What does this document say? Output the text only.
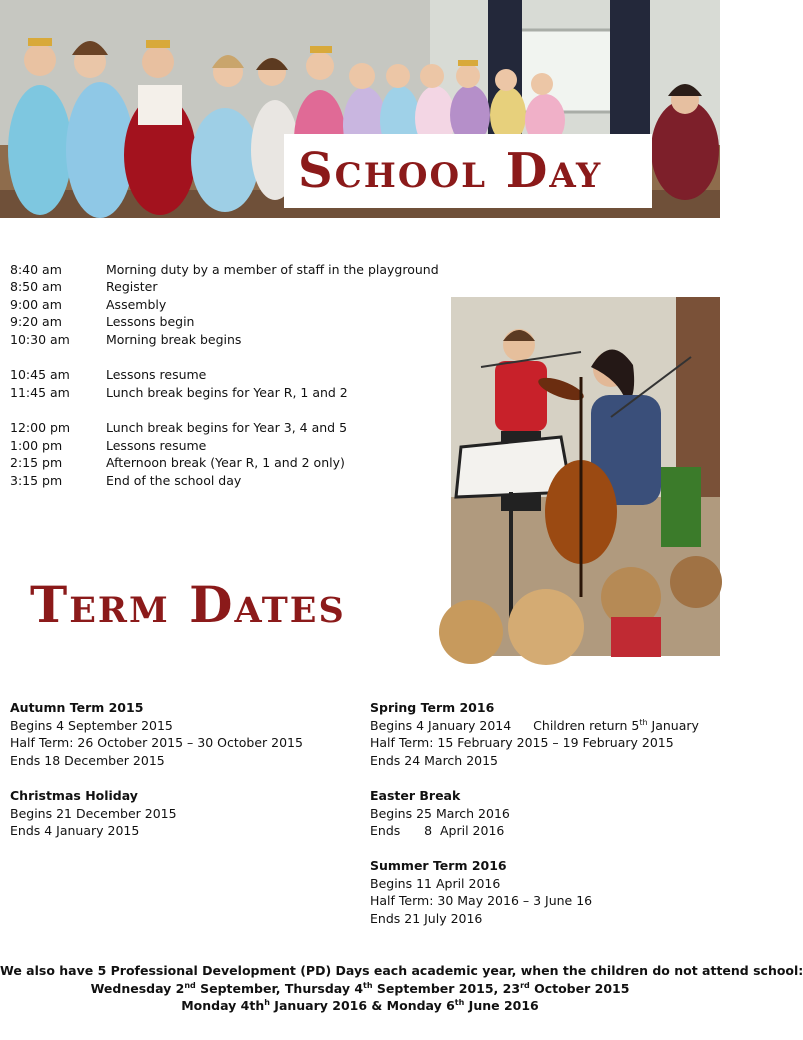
School Day
8:40 am	Morning duty by a member of staff in the playground
8:50 am	Register
9:00 am	Assembly
9:20 am	Lessons begin
10:30 am	Morning break begins
10:45 am	Lessons resume
11:45 am	Lunch break begins for Year R, 1 and 2
12:00 pm	Lunch break begins for Year 3, 4 and 5
1:00 pm	Lessons resume
2:15 pm	Afternoon break (Year R, 1 and 2 only)
3:15 pm	End of the school day
Term Dates
Autumn Term 2015
Begins 4 September 2015
Half Term: 26 October 2015 – 30 October 2015
Ends 18 December 2015
Christmas Holiday
Begins 21 December 2015
Ends 4 January 2015
Spring Term 2016
Begins 4 January 2014 Children return 5th January
Half Term: 15 February 2015 – 19 February 2015
Ends 24 March 2015
Easter Break
Begins 25 March 2016
Ends      8  April 2016
Summer Term 2016
Begins 11 April 2016
Half Term: 30 May 2016 – 3 June 16
Ends 21 July 2016
We also have 5 Professional Development (PD) Days each academic year, when the children do not attend school:
Wednesday 2nd September, Thursday 4th September 2015, 23rd October 2015
Monday $4th^h$ January 2016 & Monday 6th June 2016
